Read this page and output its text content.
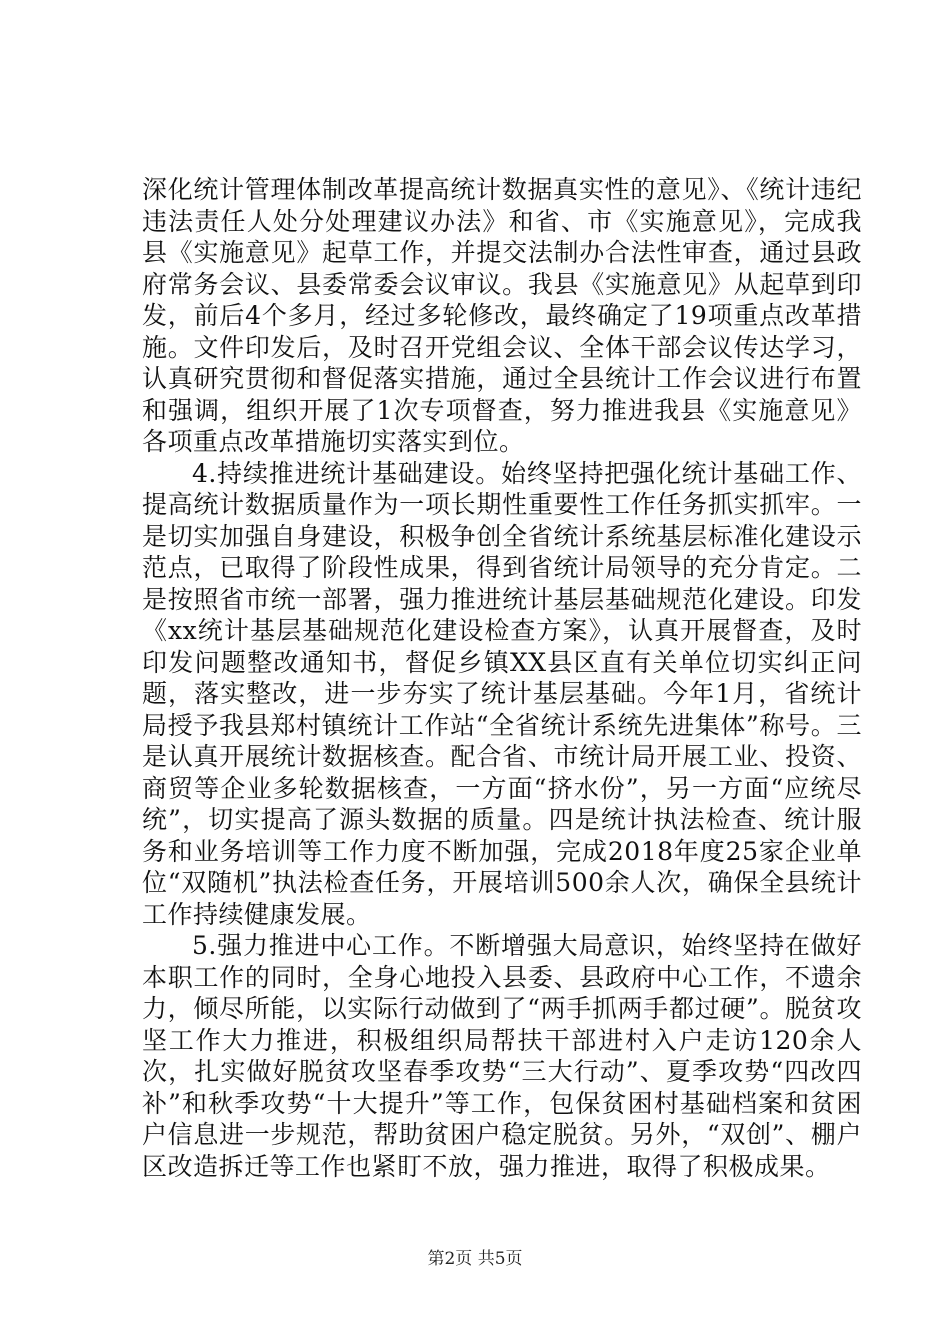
深化统计管理体制改革提高统计数据真实性的意见》、《统计违纪违法责任人处分处理建议办法》和省、市《实施意见》，完成我县《实施意见》起草工作，并提交法制办合法性审查，通过县政府常务会议、县委常委会议审议。我县《实施意见》从起草到印发，前后4个多月，经过多轮修改，最终确定了19项重点改革措施。文件印发后，及时召开党组会议、全体干部会议传达学习，认真研究贯彻和督促落实措施，通过全县统计工作会议进行布置和强调，组织开展了1次专项督查，努力推进我县《实施意见》各项重点改革措施切实落实到位。

4.持续推进统计基础建设。始终坚持把强化统计基础工作、提高统计数据质量作为一项长期性重要性工作任务抓实抓牢。一是切实加强自身建设，积极争创全省统计系统基层标准化建设示范点，已取得了阶段性成果，得到省统计局领导的充分肯定。二是按照省市统一部署，强力推进统计基层基础规范化建设。印发《xx统计基层基础规范化建设检查方案》，认真开展督查，及时印发问题整改通知书，督促乡镇XX县区直有关单位切实纠正问题，落实整改，进一步夯实了统计基层基础。今年1月，省统计局授予我县郑村镇统计工作站“全省统计系统先进集体”称号。三是认真开展统计数据核查。配合省、市统计局开展工业、投资、商贸等企业多轮数据核查，一方面“挤水份”，另一方面“应统尽统”，切实提高了源头数据的质量。四是统计执法检查、统计服务和业务培训等工作力度不断加强，完成2018年度25家企业单位“双随机”执法检查任务，开展培训500余人次，确保全县统计工作持续健康发展。

5.强力推进中心工作。不断增强大局意识，始终坚持在做好本职工作的同时，全身心地投入县委、县政府中心工作，不遗余力，倾尽所能，以实际行动做到了“两手抓两手都过硬”。脱贫攻坚工作大力推进，积极组织局帮扶干部进村入户走访120余人次，扎实做好脱贫攻坚春季攻势“三大行动”、夏季攻势“四改四补”和秋季攻势“十大提升”等工作，包保贫困村基础档案和贫困户信息进一步规范，帮助贫困户稳定脱贫。另外，“双创”、棚户区改造拆迁等工作也紧盯不放，强力推进，取得了积极成果。

第2页 共5页
